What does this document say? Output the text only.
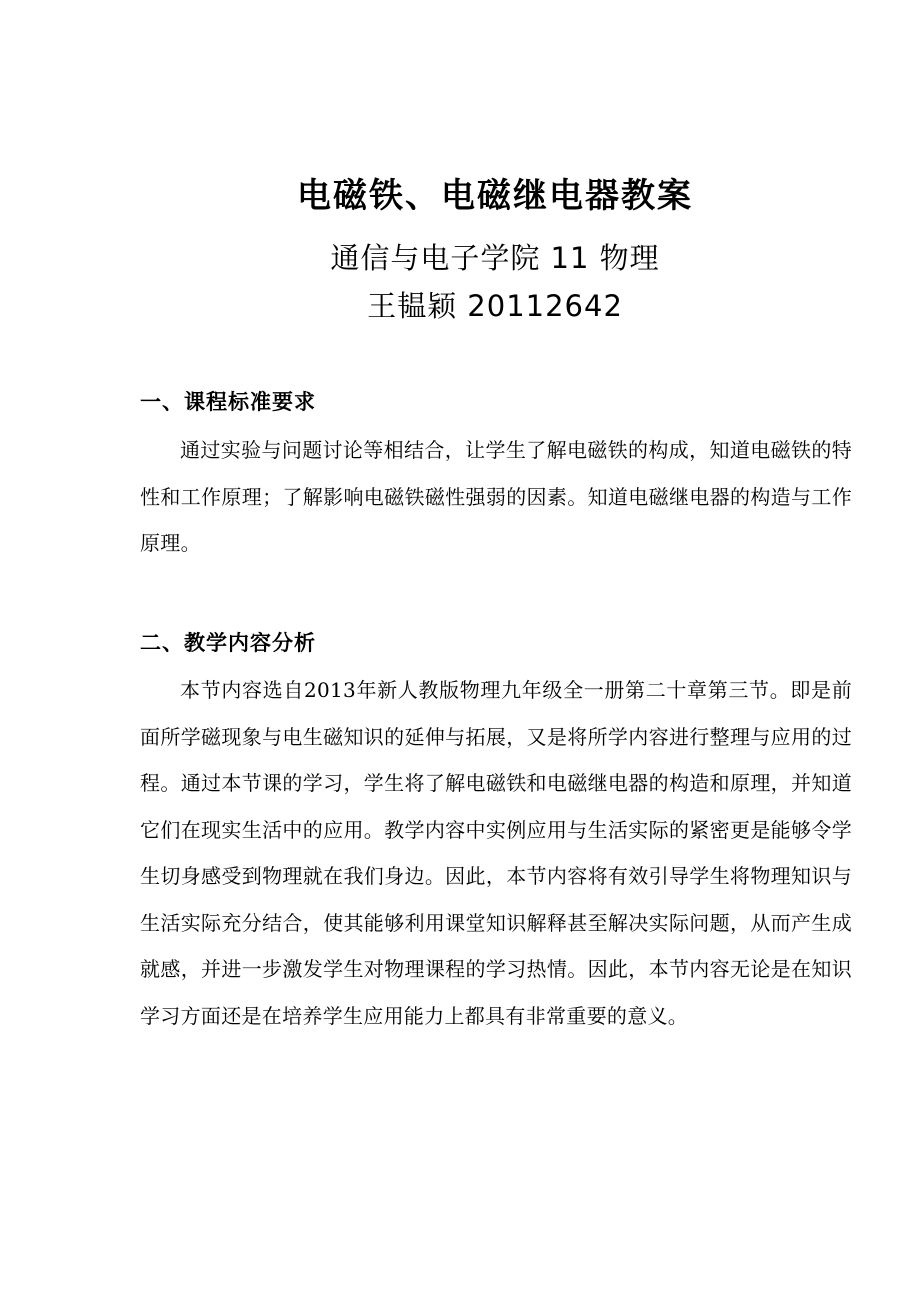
电磁铁、电磁继电器教案
通信与电子学院 11 物理
王韫颖 20112642
一、课程标准要求
通过实验与问题讨论等相结合，让学生了解电磁铁的构成，知道电磁铁的特性和工作原理；了解影响电磁铁磁性强弱的因素。知道电磁继电器的构造与工作原理。
二、教学内容分析
本节内容选自2013年新人教版物理九年级全一册第二十章第三节。即是前面所学磁现象与电生磁知识的延伸与拓展，又是将所学内容进行整理与应用的过程。通过本节课的学习，学生将了解电磁铁和电磁继电器的构造和原理，并知道它们在现实生活中的应用。教学内容中实例应用与生活实际的紧密更是能够令学生切身感受到物理就在我们身边。因此，本节内容将有效引导学生将物理知识与生活实际充分结合，使其能够利用课堂知识解释甚至解决实际问题，从而产生成就感，并进一步激发学生对物理课程的学习热情。因此，本节内容无论是在知识学习方面还是在培养学生应用能力上都具有非常重要的意义。
